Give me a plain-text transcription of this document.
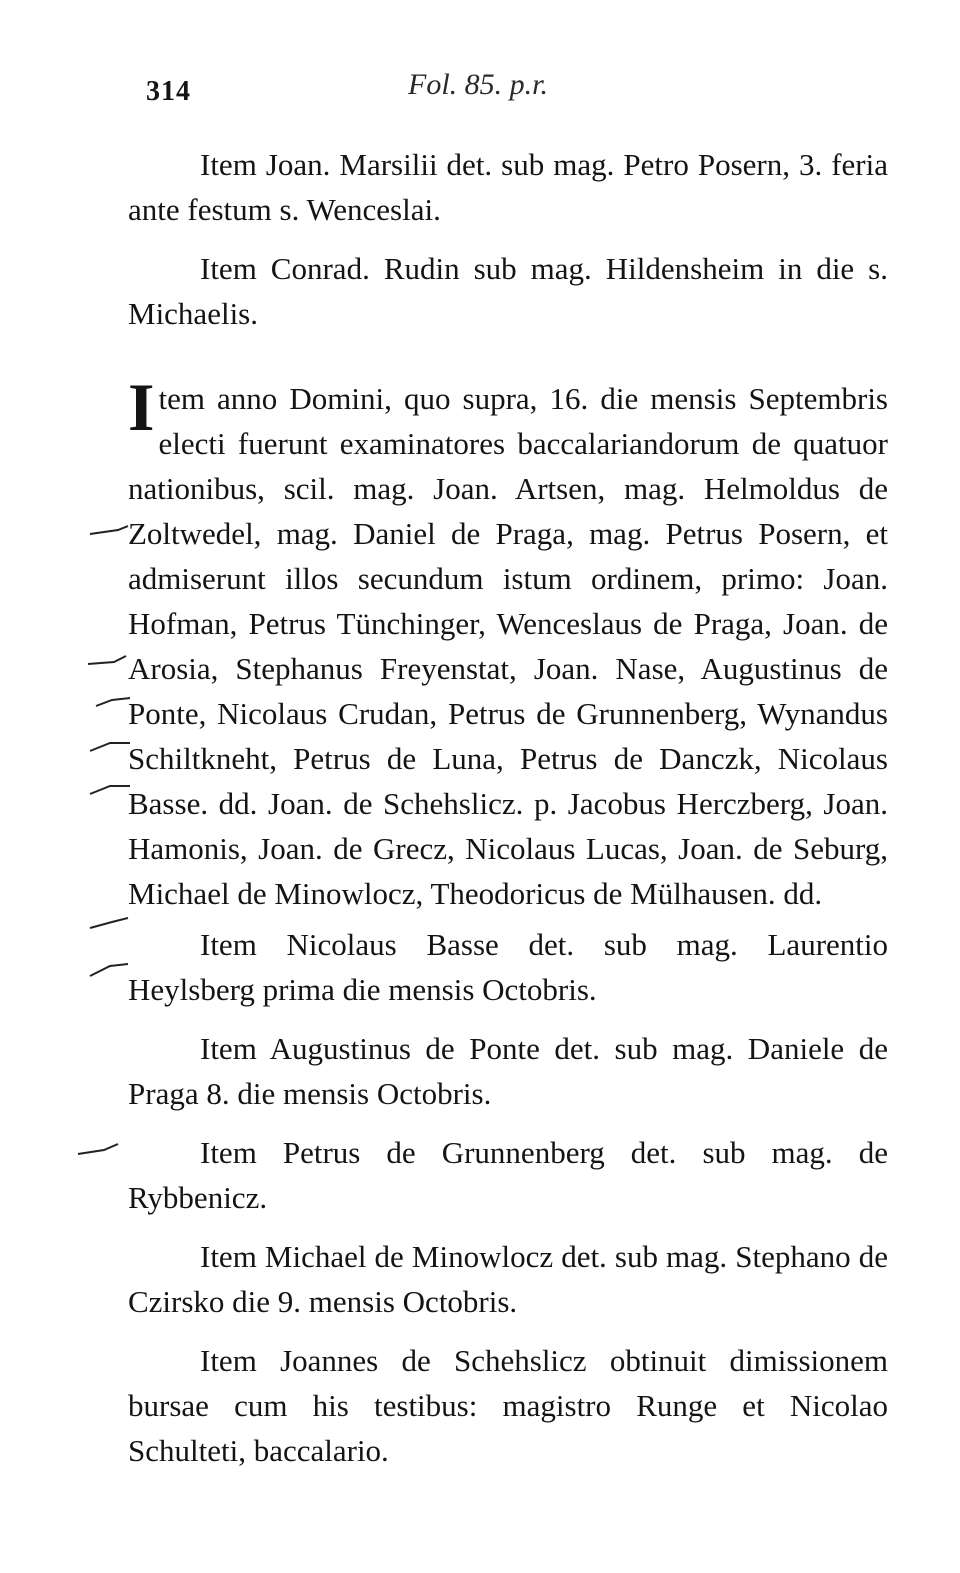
314	Fol. 85. p.r.

Item Joan. Marsilii det. sub mag. Petro Posern, 3. feria ante festum s. Wenceslai.

Item Conrad. Rudin sub mag. Hildensheim in die s. Michaelis.

Item anno Domini, quo supra, 16. die mensis Septembris electi fuerunt examinatores baccalariandorum de quatuor nationibus, scil. mag. Joan. Artsen, mag. Helmoldus de Zoltwedel, mag. Daniel de Praga, mag. Petrus Posern, et admiserunt illos secundum istum ordinem, primo: Joan. Hofman, Petrus Tünchinger, Wenceslaus de Praga, Joan. de Arosia, Stephanus Freyenstat, Joan. Nase, Augustinus de Ponte, Nicolaus Crudan, Petrus de Grunnenberg, Wynandus Schiltkneht, Petrus de Luna, Petrus de Danczk, Nicolaus Basse. dd. Joan. de Schehslicz. p. Jacobus Herczberg, Joan. Hamonis, Joan. de Grecz, Nicolaus Lucas, Joan. de Seburg, Michael de Minowlocz, Theodoricus de Mülhausen. dd.

Item Nicolaus Basse det. sub mag. Laurentio Heylsberg prima die mensis Octobris.

Item Augustinus de Ponte det. sub mag. Daniele de Praga 8. die mensis Octobris.

Item Petrus de Grunnenberg det. sub mag. de Rybbenicz.

Item Michael de Minowlocz det. sub mag. Stephano de Czirsko die 9. mensis Octobris.

Item Joannes de Schehslicz obtinuit dimissionem bursae cum his testibus: magistro Runge et Nicolao Schulteti, baccalario.
